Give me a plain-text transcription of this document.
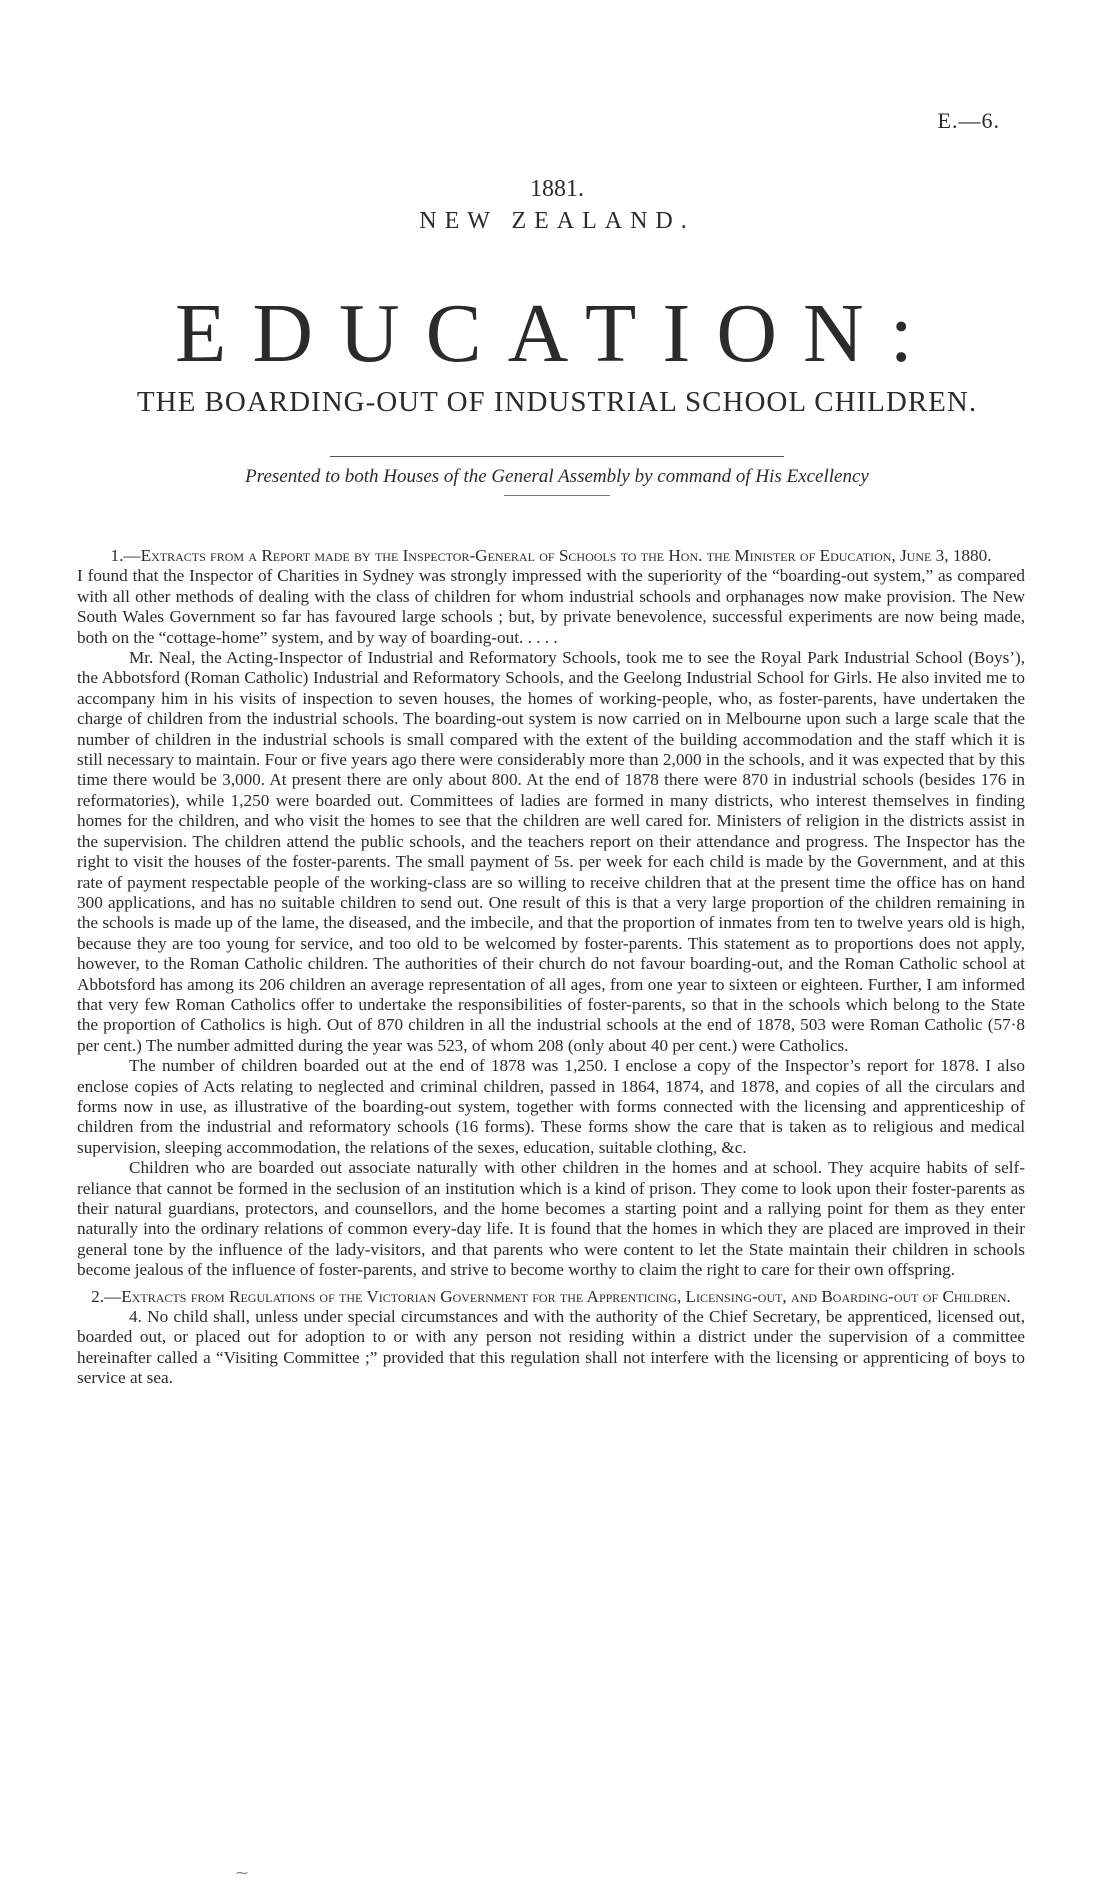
E.—6.
1881.
NEW ZEALAND.
EDUCATION:
THE BOARDING-OUT OF INDUSTRIAL SCHOOL CHILDREN.
Presented to both Houses of the General Assembly by command of His Excellency

1.—Extracts from a Report made by the Inspector-General of Schools to the Hon. the Minister of Education, June 3, 1880.

I found that the Inspector of Charities in Sydney was strongly impressed with the superiority of the “boarding-out system,” as compared with all other methods of dealing with the class of children for whom industrial schools and orphanages now make provision. The New South Wales Government so far has favoured large schools ; but, by private benevolence, successful experiments are now being made, both on the “cottage-home” system, and by way of boarding-out. . . . .

Mr. Neal, the Acting-Inspector of Industrial and Reformatory Schools, took me to see the Royal Park Industrial School (Boys’), the Abbotsford (Roman Catholic) Industrial and Reformatory Schools, and the Geelong Industrial School for Girls. He also invited me to accompany him in his visits of inspection to seven houses, the homes of working-people, who, as foster-parents, have undertaken the charge of children from the industrial schools. The boarding-out system is now carried on in Melbourne upon such a large scale that the number of children in the industrial schools is small compared with the extent of the building accommodation and the staff which it is still necessary to maintain. Four or five years ago there were considerably more than 2,000 in the schools, and it was expected that by this time there would be 3,000. At present there are only about 800. At the end of 1878 there were 870 in industrial schools (besides 176 in reformatories), while 1,250 were boarded out. Committees of ladies are formed in many districts, who interest themselves in finding homes for the children, and who visit the homes to see that the children are well cared for. Ministers of religion in the districts assist in the supervision. The children attend the public schools, and the teachers report on their attendance and progress. The Inspector has the right to visit the houses of the foster-parents. The small payment of 5s. per week for each child is made by the Government, and at this rate of payment respectable people of the working-class are so willing to receive children that at the present time the office has on hand 300 applications, and has no suitable children to send out. One result of this is that a very large proportion of the children remaining in the schools is made up of the lame, the diseased, and the imbecile, and that the proportion of inmates from ten to twelve years old is high, because they are too young for service, and too old to be welcomed by foster-parents. This statement as to proportions does not apply, however, to the Roman Catholic children. The authorities of their church do not favour boarding-out, and the Roman Catholic school at Abbotsford has among its 206 children an average representation of all ages, from one year to sixteen or eighteen. Further, I am informed that very few Roman Catholics offer to undertake the responsibilities of foster-parents, so that in the schools which belong to the State the proportion of Catholics is high. Out of 870 children in all the industrial schools at the end of 1878, 503 were Roman Catholic (57·8 per cent.) The number admitted during the year was 523, of whom 208 (only about 40 per cent.) were Catholics.

The number of children boarded out at the end of 1878 was 1,250. I enclose a copy of the Inspector’s report for 1878. I also enclose copies of Acts relating to neglected and criminal children, passed in 1864, 1874, and 1878, and copies of all the circulars and forms now in use, as illustrative of the boarding-out system, together with forms connected with the licensing and apprenticeship of children from the industrial and reformatory schools (16 forms). These forms show the care that is taken as to religious and medical supervision, sleeping accommodation, the relations of the sexes, education, suitable clothing, &c.

Children who are boarded out associate naturally with other children in the homes and at school. They acquire habits of self-reliance that cannot be formed in the seclusion of an institution which is a kind of prison. They come to look upon their foster-parents as their natural guardians, protectors, and counsellors, and the home becomes a starting point and a rallying point for them as they enter naturally into the ordinary relations of common every-day life. It is found that the homes in which they are placed are improved in their general tone by the influence of the lady-visitors, and that parents who were content to let the State maintain their children in schools become jealous of the influence of foster-parents, and strive to become worthy to claim the right to care for their own offspring.

2.—Extracts from Regulations of the Victorian Government for the Apprenticing, Licensing-out, and Boarding-out of Children.

4. No child shall, unless under special circumstances and with the authority of the Chief Secretary, be apprenticed, licensed out, boarded out, or placed out for adoption to or with any person not residing within a district under the supervision of a committee hereinafter called a “Visiting Committee ;” provided that this regulation shall not interfere with the licensing or apprenticing of boys to service at sea.

⁓
